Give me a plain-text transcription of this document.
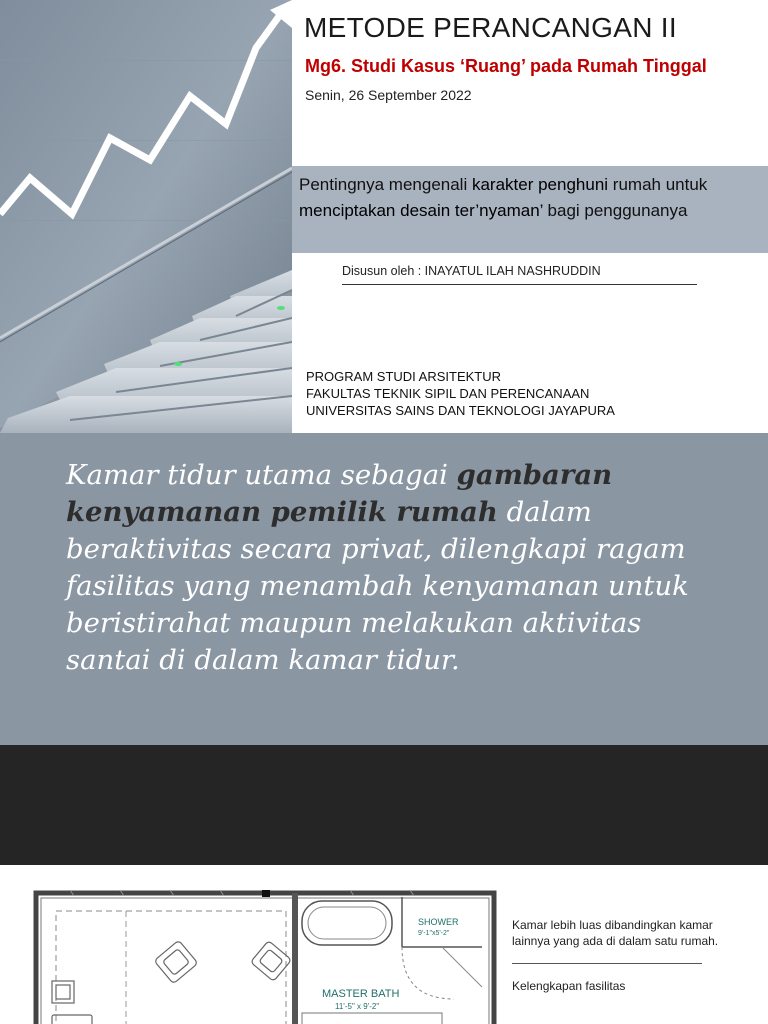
METODE PERANCANGAN II
Mg6. Studi Kasus ‘Ruang’ pada Rumah Tinggal
Senin, 26 September 2022

Pentingnya mengenali karakter penghuni rumah untuk menciptakan desain ter’nyaman’ bagi penggunanya

Disusun oleh : INAYATUL ILAH NASHRUDDIN
PROGRAM STUDI ARSITEKTUR
FAKULTAS TEKNIK SIPIL DAN PERENCANAAN
UNIVERSITAS SAINS DAN TEKNOLOGI JAYAPURA

Kamar tidur utama sebagai gambaran kenyamanan pemilik rumah dalam beraktivitas secara privat, dilengkapi ragam fasilitas yang menambah kenyamanan untuk beristirahat maupun melakukan aktivitas santai di dalam kamar tidur.

SHOWER
9'-1"x5'-2"
MASTER BATH
11'-5" x 9'-2"
Kamar lebih luas dibandingkan kamar lainnya yang ada di dalam satu rumah.
Kelengkapan fasilitas
